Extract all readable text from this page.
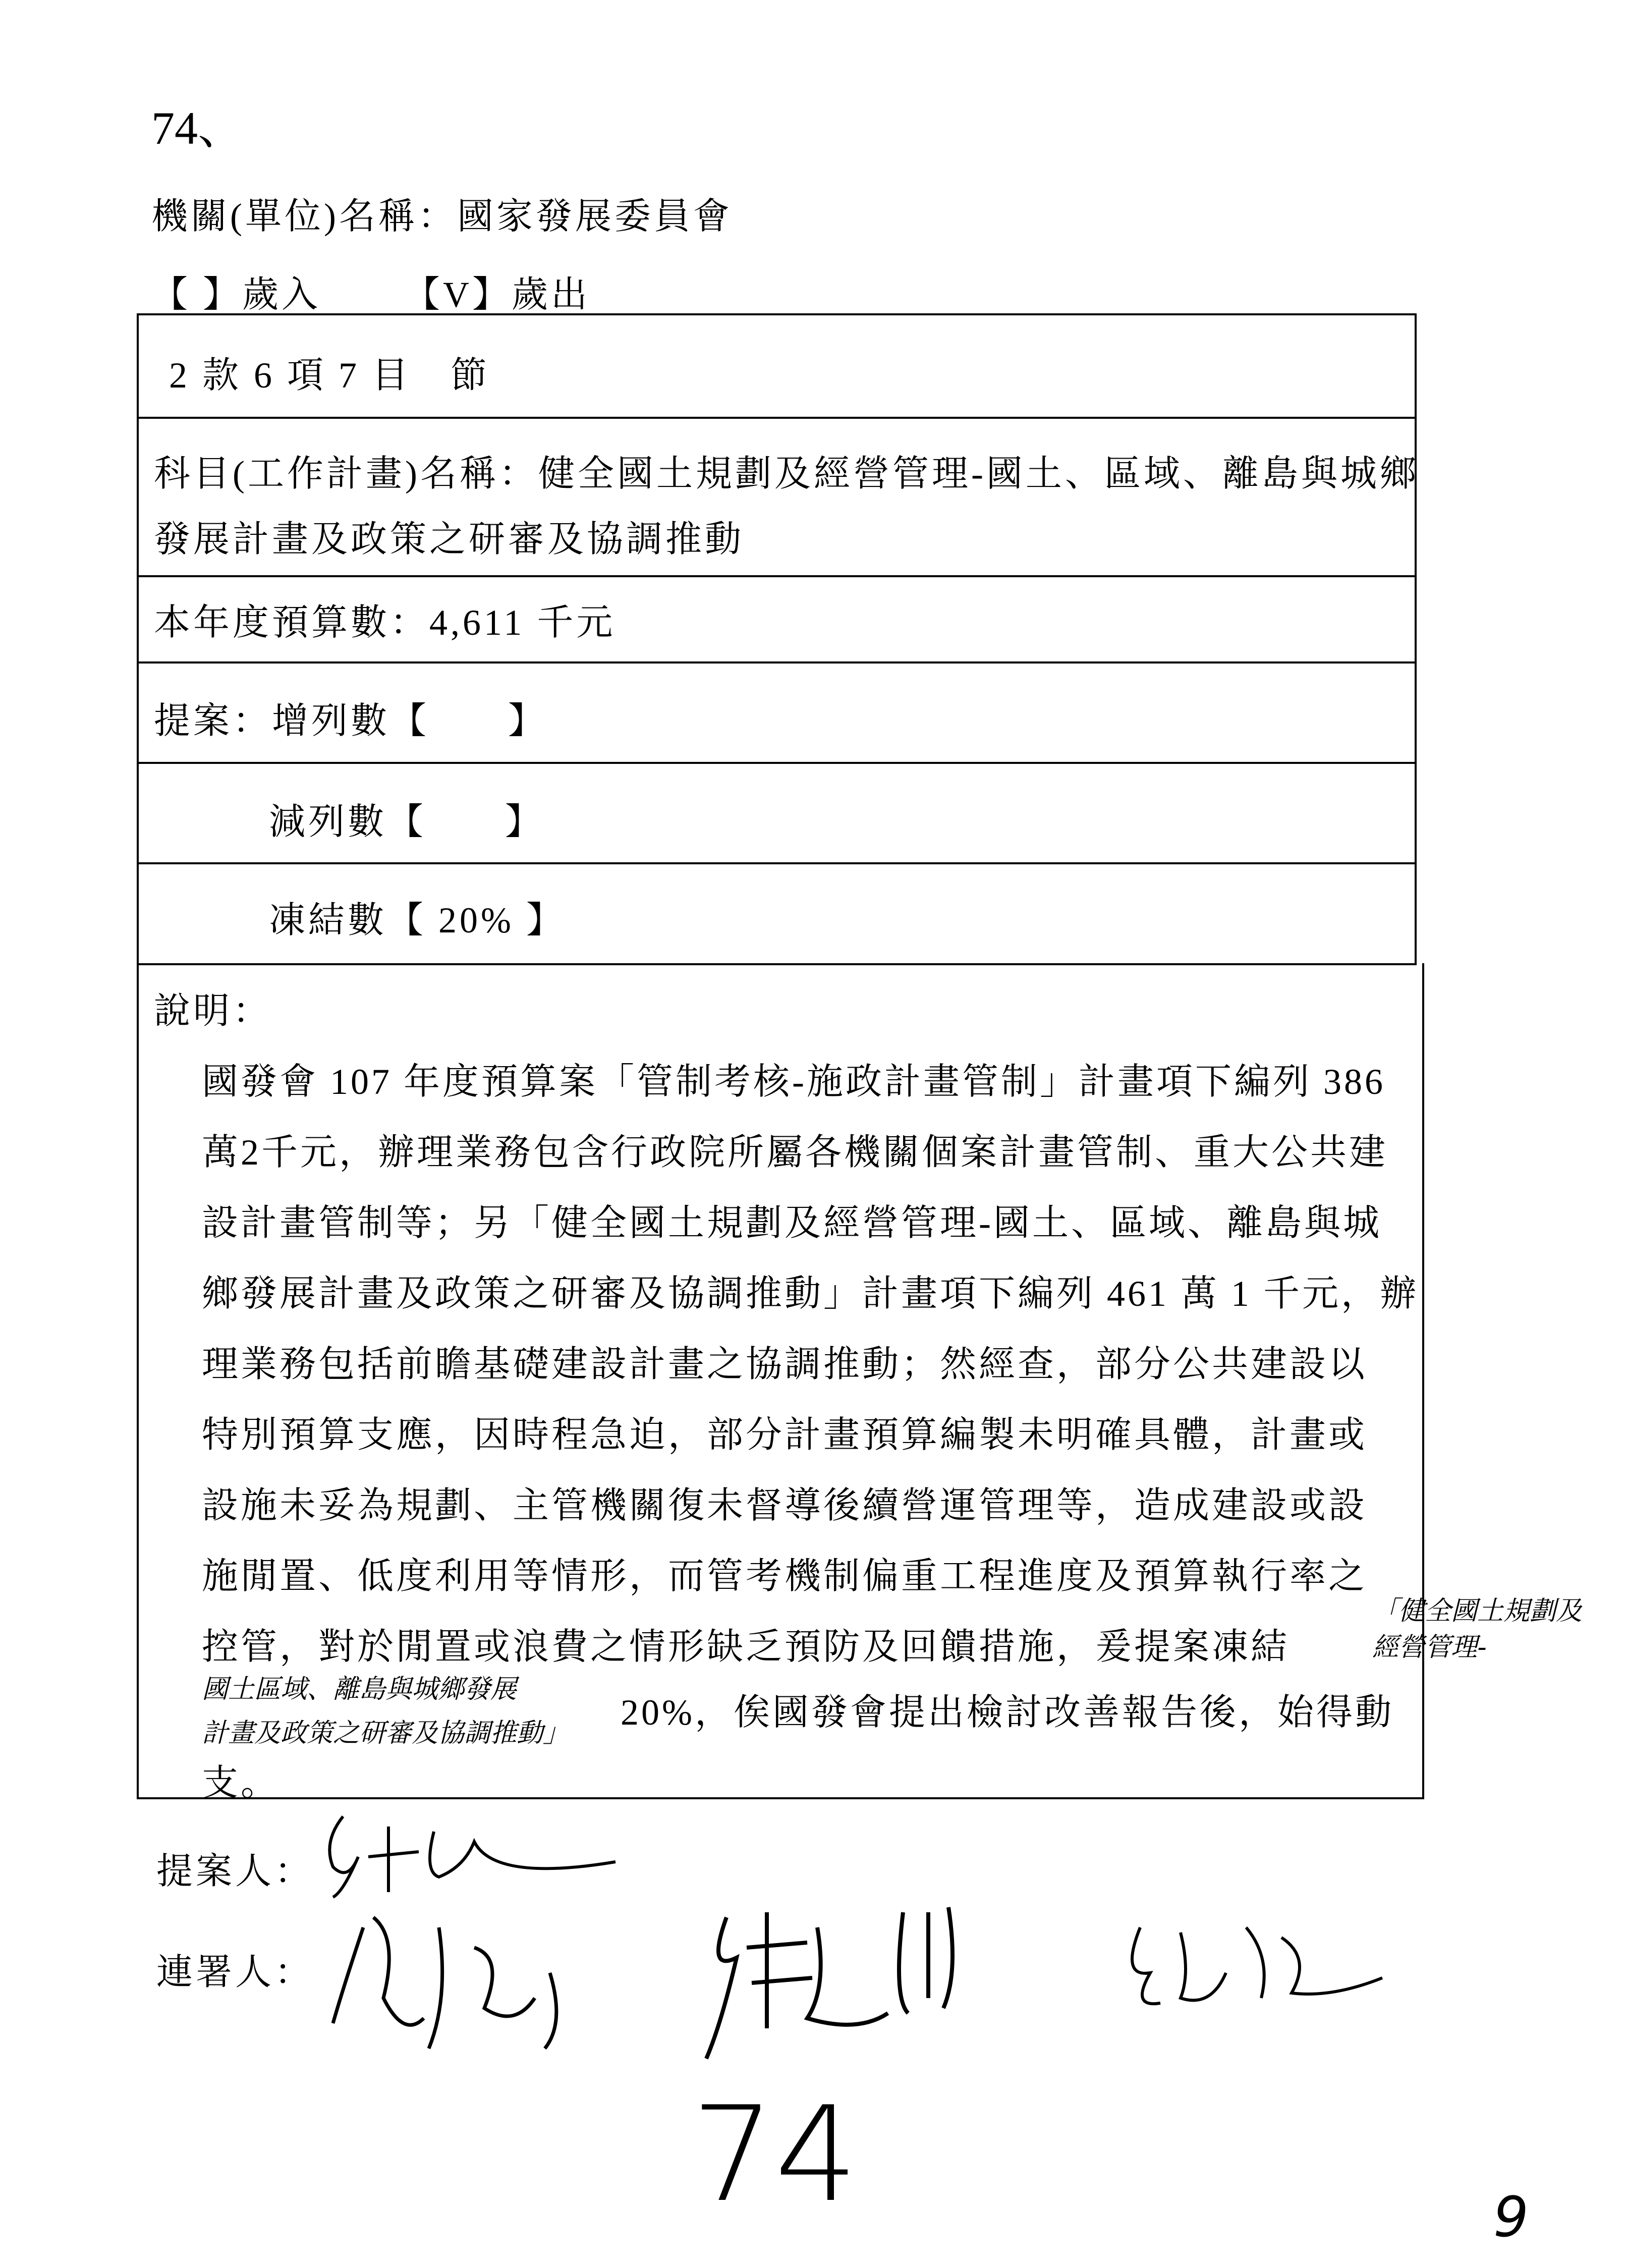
74、
機關(單位)名稱：國家發展委員會
【 】歲入 【V】歲出
2 款 6 項 7 目　節
科目(工作計畫)名稱：健全國土規劃及經營管理-國土、區域、離島與城鄉
發展計畫及政策之研審及協調推動
本年度預算數：4,611 千元
提案：增列數【　　】
減列數【　　】
凍結數【 20% 】
說明：
國發會 107 年度預算案「管制考核-施政計畫管制」計畫項下編列 386
萬2千元，辦理業務包含行政院所屬各機關個案計畫管制、重大公共建
設計畫管制等；另「健全國土規劃及經營管理-國土、區域、離島與城
鄉發展計畫及政策之研審及協調推動」計畫項下編列 461 萬 1 千元，辦
理業務包括前瞻基礎建設計畫之協調推動；然經查，部分公共建設以
特別預算支應，因時程急迫，部分計畫預算編製未明確具體，計畫或
設施未妥為規劃、主管機關復未督導後續營運管理等，造成建設或設
施閒置、低度利用等情形，而管考機制偏重工程進度及預算執行率之
控管，對於閒置或浪費之情形缺乏預防及回饋措施，爰提案凍結
「健全國土規劃及
經營管理-
國土區域、離島與城鄉發展
計畫及政策之研審及協調推動」
20%，俟國發會提出檢討改善報告後，始得動
支。
提案人：
連署人：
74	9
